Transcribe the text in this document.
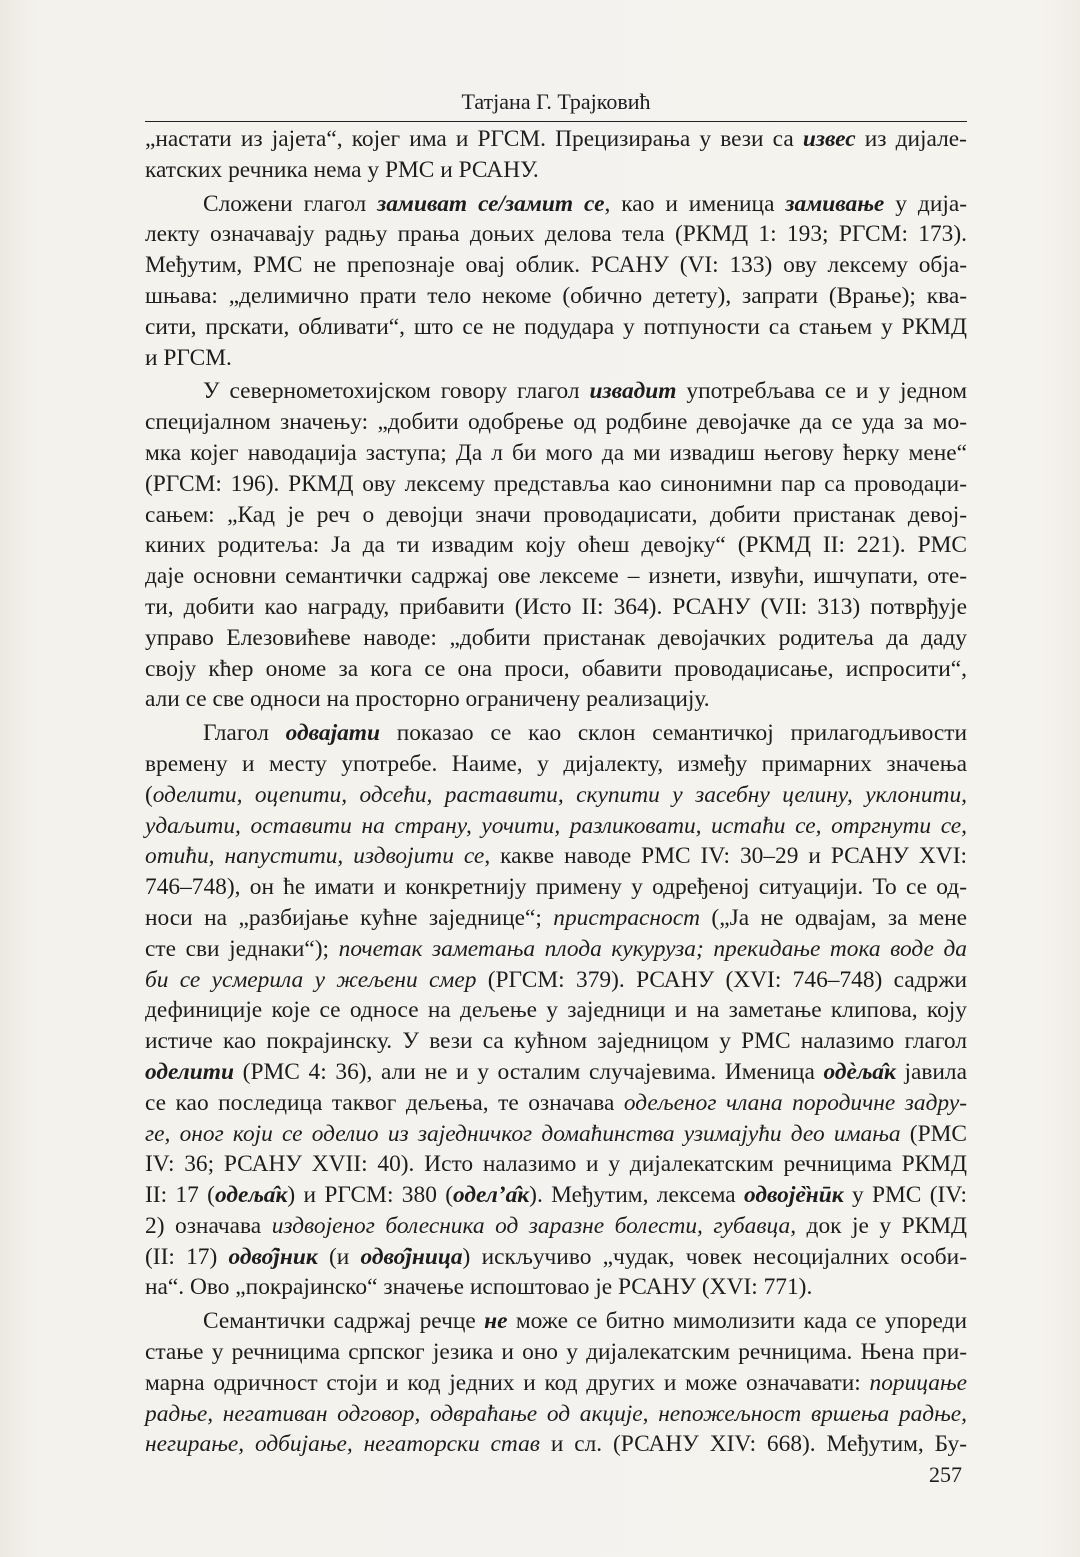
Татјана Г. Трајковић
„настати из јајета“, којег има и РГСМ. Прецизирања у вези са извес из дијале-
катских речника нема у РМС и РСАНУ.
Сложени глагол замиват се/замит се, као и именица замивање у дија-
лекту означавају радњу прања доњих делова тела (РКМД 1: 193; РГСМ: 173).
Међутим, РМС не препознаје овај облик. РСАНУ (VI: 133) ову лексему обја-
шњава: „делимично прати тело некоме (обично детету), запрати (Врање); ква-
сити, прскати, обливати“, што се не подудара у потпуности са стањем у РКМД
и РГСМ.
У севернометохијском говору глагол извадит употребљава се и у једном
специјалном значењу: „добити одобрење од родбине девојачке да се уда за мо-
мка којег наводаџија заступа; Да л би мого да ми извадиш његову ћерку мене“
(РГСМ: 196). РКМД ову лексему представља као синонимни пар са проводаџи-
сањем: „Кад је реч о девојци значи проводаџисати, добити пристанак девој-
киних родитеља: Ја да ти извадим коју оћеш девојку“ (РКМД II: 221). РМС
даје основни семантички садржај ове лексеме – изнети, извући, ишчупати, оте-
ти, добити као награду, прибавити (Исто II: 364). РСАНУ (VII: 313) потврђује
управо Елезовићеве наводе: „добити пристанак девојачких родитеља да даду
своју кћер ономе за кога се она проси, обавити проводаџисање, испросити“,
али се све односи на просторно ограничену реализацију.
Глагол одвајати показао се као склон семантичкој прилагодљивости
времену и месту употребе. Наиме, у дијалекту, између примарних значења
(оделити, оцепити, одсећи, раставити, скупити у засебну целину, уклонити,
удаљити, оставити на страну, уочити, разликовати, истаћи се, отргнути се,
отићи, напустити, издвојити се, какве наводе РМС IV: 30–29 и РСАНУ XVI:
746–748), он ће имати и конкретнију примену у одређеној ситуацији. То се од-
носи на „разбијање кућне заједнице“; пристрасност („Ја не одвајам, за мене
сте сви једнаки“); почетак заметања плода кукуруза; прекидање тока воде да
би се усмерила у жељени смер (РГСМ: 379). РСАНУ (XVI: 746–748) садржи
дефиниције које се односе на дељење у заједници и на заметање клипова, коју
истиче као покрајинску. У вези са кућном заједницом у РМС налазимо глагол
оделити (РМС 4: 36), али не и у осталим случајевима. Именица одѐља̂к јавила
се као последица таквог дељења, те означава одељеног члана породичне задру-
ге, оног који се оделио из заједничког домаћинства узимајући део имања (РМС
IV: 36; РСАНУ XVII: 40). Исто налазимо и у дијалекатским речницима РКМД
II: 17 (одеља̂к) и РГСМ: 380 (одел’а̂к). Међутим, лексема одвоје̏нӣк у РМС (IV:
2) означава издвојеног болесника од заразне болести, губавца, док је у РКМД
(II: 17) одво̂јник (и одво̂јница) искључиво „чудак, човек несоцијалних особи-
на“. Ово „покрајинско“ значење испоштовао је РСАНУ (XVI: 771).
Семантички садржај речце не може се битно мимолизити када се упореди
стање у речницима српског језика и оно у дијалекатским речницима. Њена при-
марна одричност стоји и код једних и код других и може означавати: порицање
радње, негативан одговор, одвраћање од акције, непожељност вршења радње,
негирање, одбијање, негаторски став и сл. (РСАНУ XIV: 668). Међутим, Бу-
257
